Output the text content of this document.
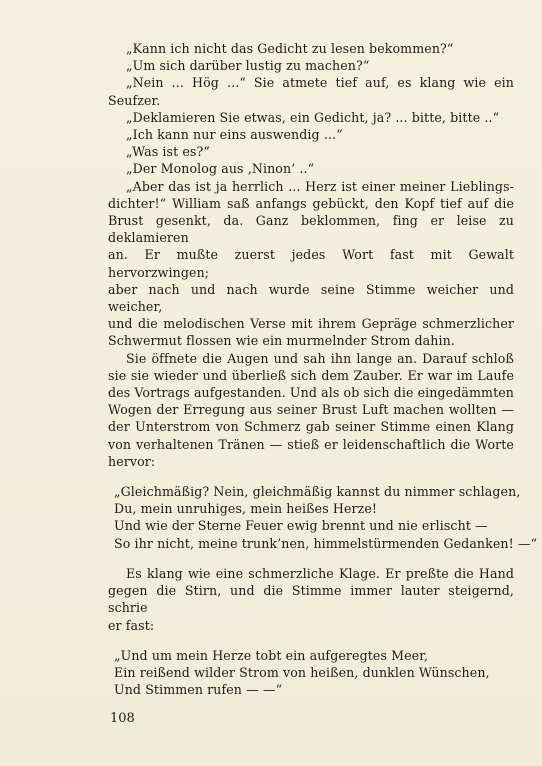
„Kann ich nicht das Gedicht zu lesen bekommen?“
„Um sich darüber lustig zu machen?“
„Nein ... Hög ...“ Sie atmete tief auf, es klang wie ein
Seufzer.
„Deklamieren Sie etwas, ein Gedicht, ja? ... bitte, bitte ..“
„Ich kann nur eins auswendig ...“
„Was ist es?“
„Der Monolog aus ‚Ninon‘ ..“
„Aber das ist ja herrlich ... Herz ist einer meiner Lieblings-
dichter!“ William saß anfangs gebückt, den Kopf tief auf die
Brust gesenkt, da. Ganz beklommen, fing er leise zu deklamieren
an. Er mußte zuerst jedes Wort fast mit Gewalt hervorzwingen;
aber nach und nach wurde seine Stimme weicher und weicher,
und die melodischen Verse mit ihrem Gepräge schmerzlicher
Schwermut flossen wie ein murmelnder Strom dahin.
Sie öffnete die Augen und sah ihn lange an. Darauf schloß
sie sie wieder und überließ sich dem Zauber. Er war im Laufe
des Vortrags aufgestanden. Und als ob sich die eingedämmten
Wogen der Erregung aus seiner Brust Luft machen wollten —
der Unterstrom von Schmerz gab seiner Stimme einen Klang
von verhaltenen Tränen — stieß er leidenschaftlich die Worte
hervor:
„Gleichmäßig? Nein, gleichmäßig kannst du nimmer schlagen,
Du, mein unruhiges, mein heißes Herze!
Und wie der Sterne Feuer ewig brennt und nie erlischt —
So ihr nicht, meine trunk’nen, himmelstürmenden Gedanken! —“
Es klang wie eine schmerzliche Klage. Er preßte die Hand
gegen die Stirn, und die Stimme immer lauter steigernd, schrie
er fast:
„Und um mein Herze tobt ein aufgeregtes Meer,
Ein reißend wilder Strom von heißen, dunklen Wünschen,
Und Stimmen rufen — —“
108
